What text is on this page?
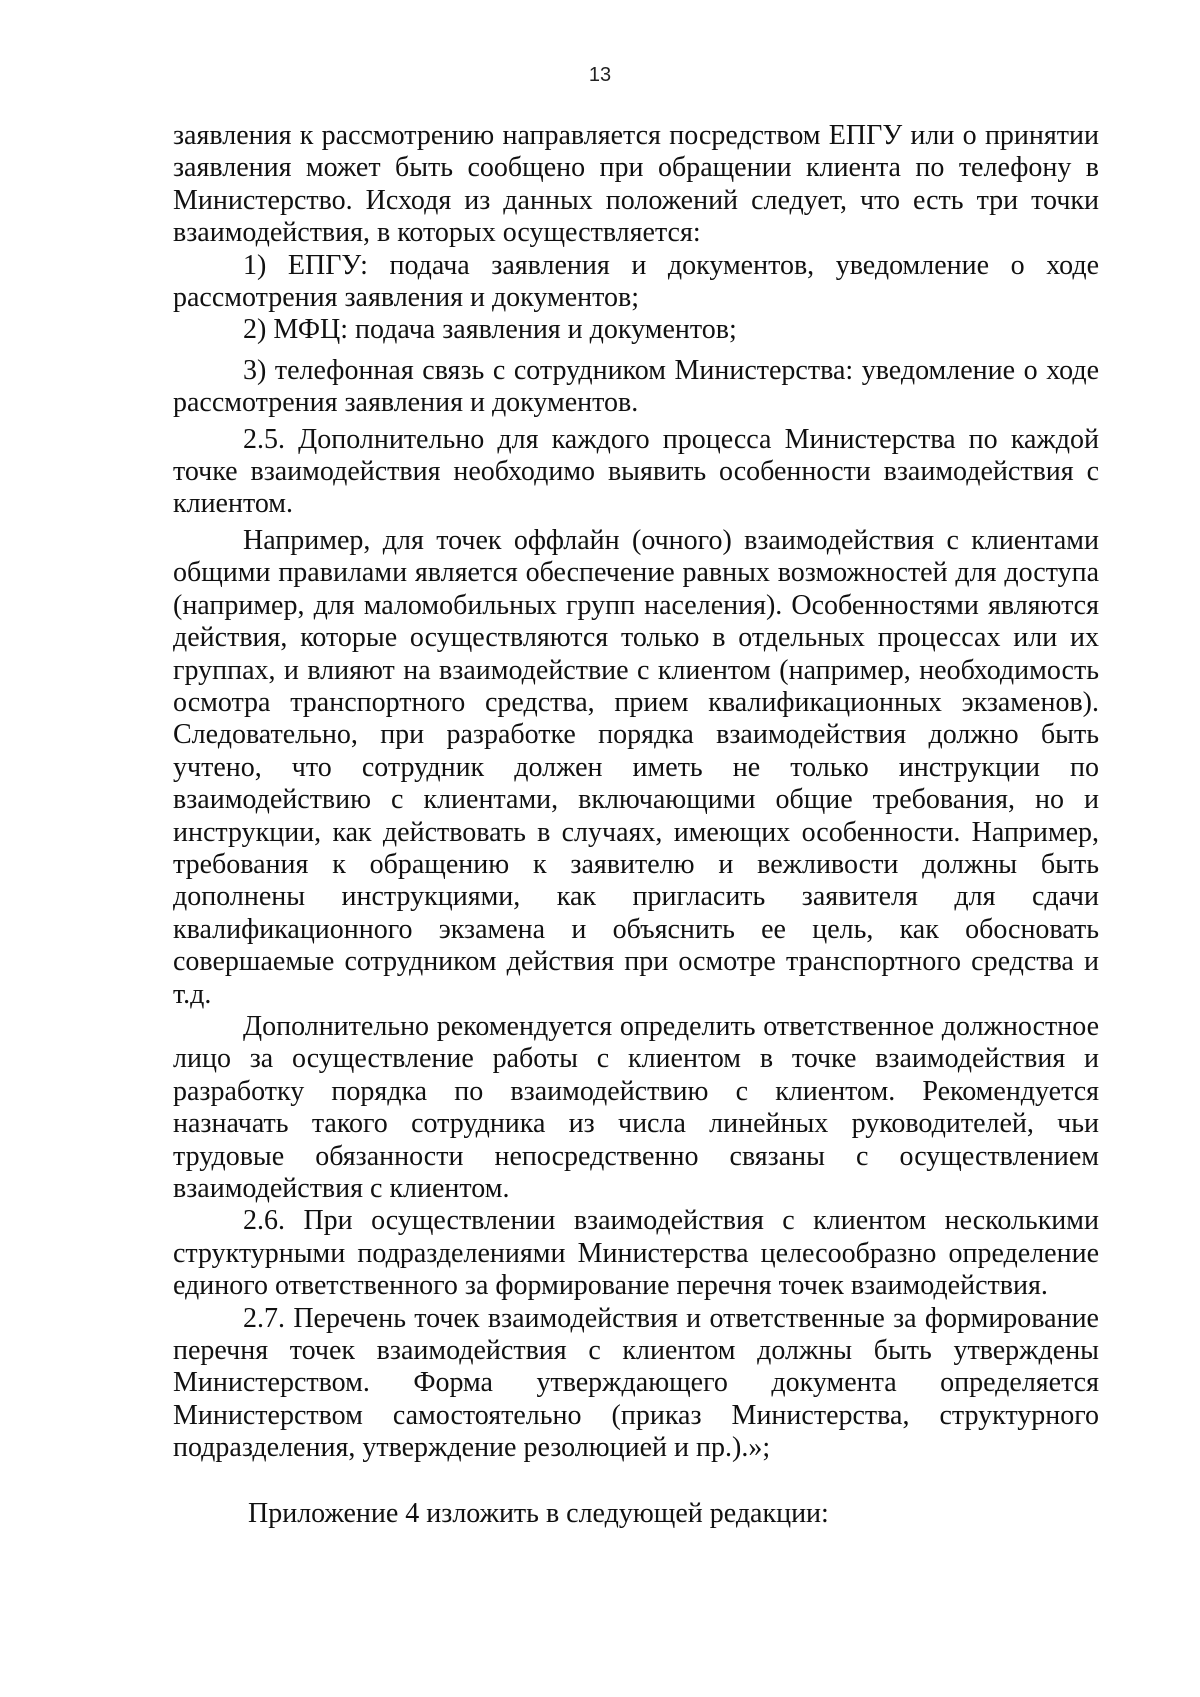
13

заявления к рассмотрению направляется посредством ЕПГУ или о принятии заявления может быть сообщено при обращении клиента по телефону в Министерство. Исходя из данных положений следует, что есть три точки взаимодействия, в которых осуществляется:

1) ЕПГУ: подача заявления и документов, уведомление о ходе рассмотрения заявления и документов;

2) МФЦ: подача заявления и документов;

3) телефонная связь с сотрудником Министерства: уведомление о ходе рассмотрения заявления и документов.

2.5. Дополнительно для каждого процесса Министерства по каждой точке взаимодействия необходимо выявить особенности взаимодействия с клиентом.

Например, для точек оффлайн (очного) взаимодействия с клиентами общими правилами является обеспечение равных возможностей для доступа (например, для маломобильных групп населения). Особенностями являются действия, которые осуществляются только в отдельных процессах или их группах, и влияют на взаимодействие с клиентом (например, необходимость осмотра транспортного средства, прием квалификационных экзаменов). Следовательно, при разработке порядка взаимодействия должно быть учтено, что сотрудник должен иметь не только инструкции по взаимодействию с клиентами, включающими общие требования, но и инструкции, как действовать в случаях, имеющих особенности. Например, требования к обращению к заявителю и вежливости должны быть дополнены инструкциями, как пригласить заявителя для сдачи квалификационного экзамена и объяснить ее цель, как обосновать совершаемые сотрудником действия при осмотре транспортного средства и т.д.

Дополнительно рекомендуется определить ответственное должностное лицо за осуществление работы с клиентом в точке взаимодействия и разработку порядка по взаимодействию с клиентом. Рекомендуется назначать такого сотрудника из числа линейных руководителей, чьи трудовые обязанности непосредственно связаны с осуществлением взаимодействия с клиентом.

2.6. При осуществлении взаимодействия с клиентом несколькими структурными подразделениями Министерства целесообразно определение единого ответственного за формирование перечня точек взаимодействия.

2.7. Перечень точек взаимодействия и ответственные за формирование перечня точек взаимодействия с клиентом должны быть утверждены Министерством. Форма утверждающего документа определяется Министерством самостоятельно (приказ Министерства, структурного подразделения, утверждение резолюцией и пр.).»;

Приложение 4 изложить в следующей редакции:
